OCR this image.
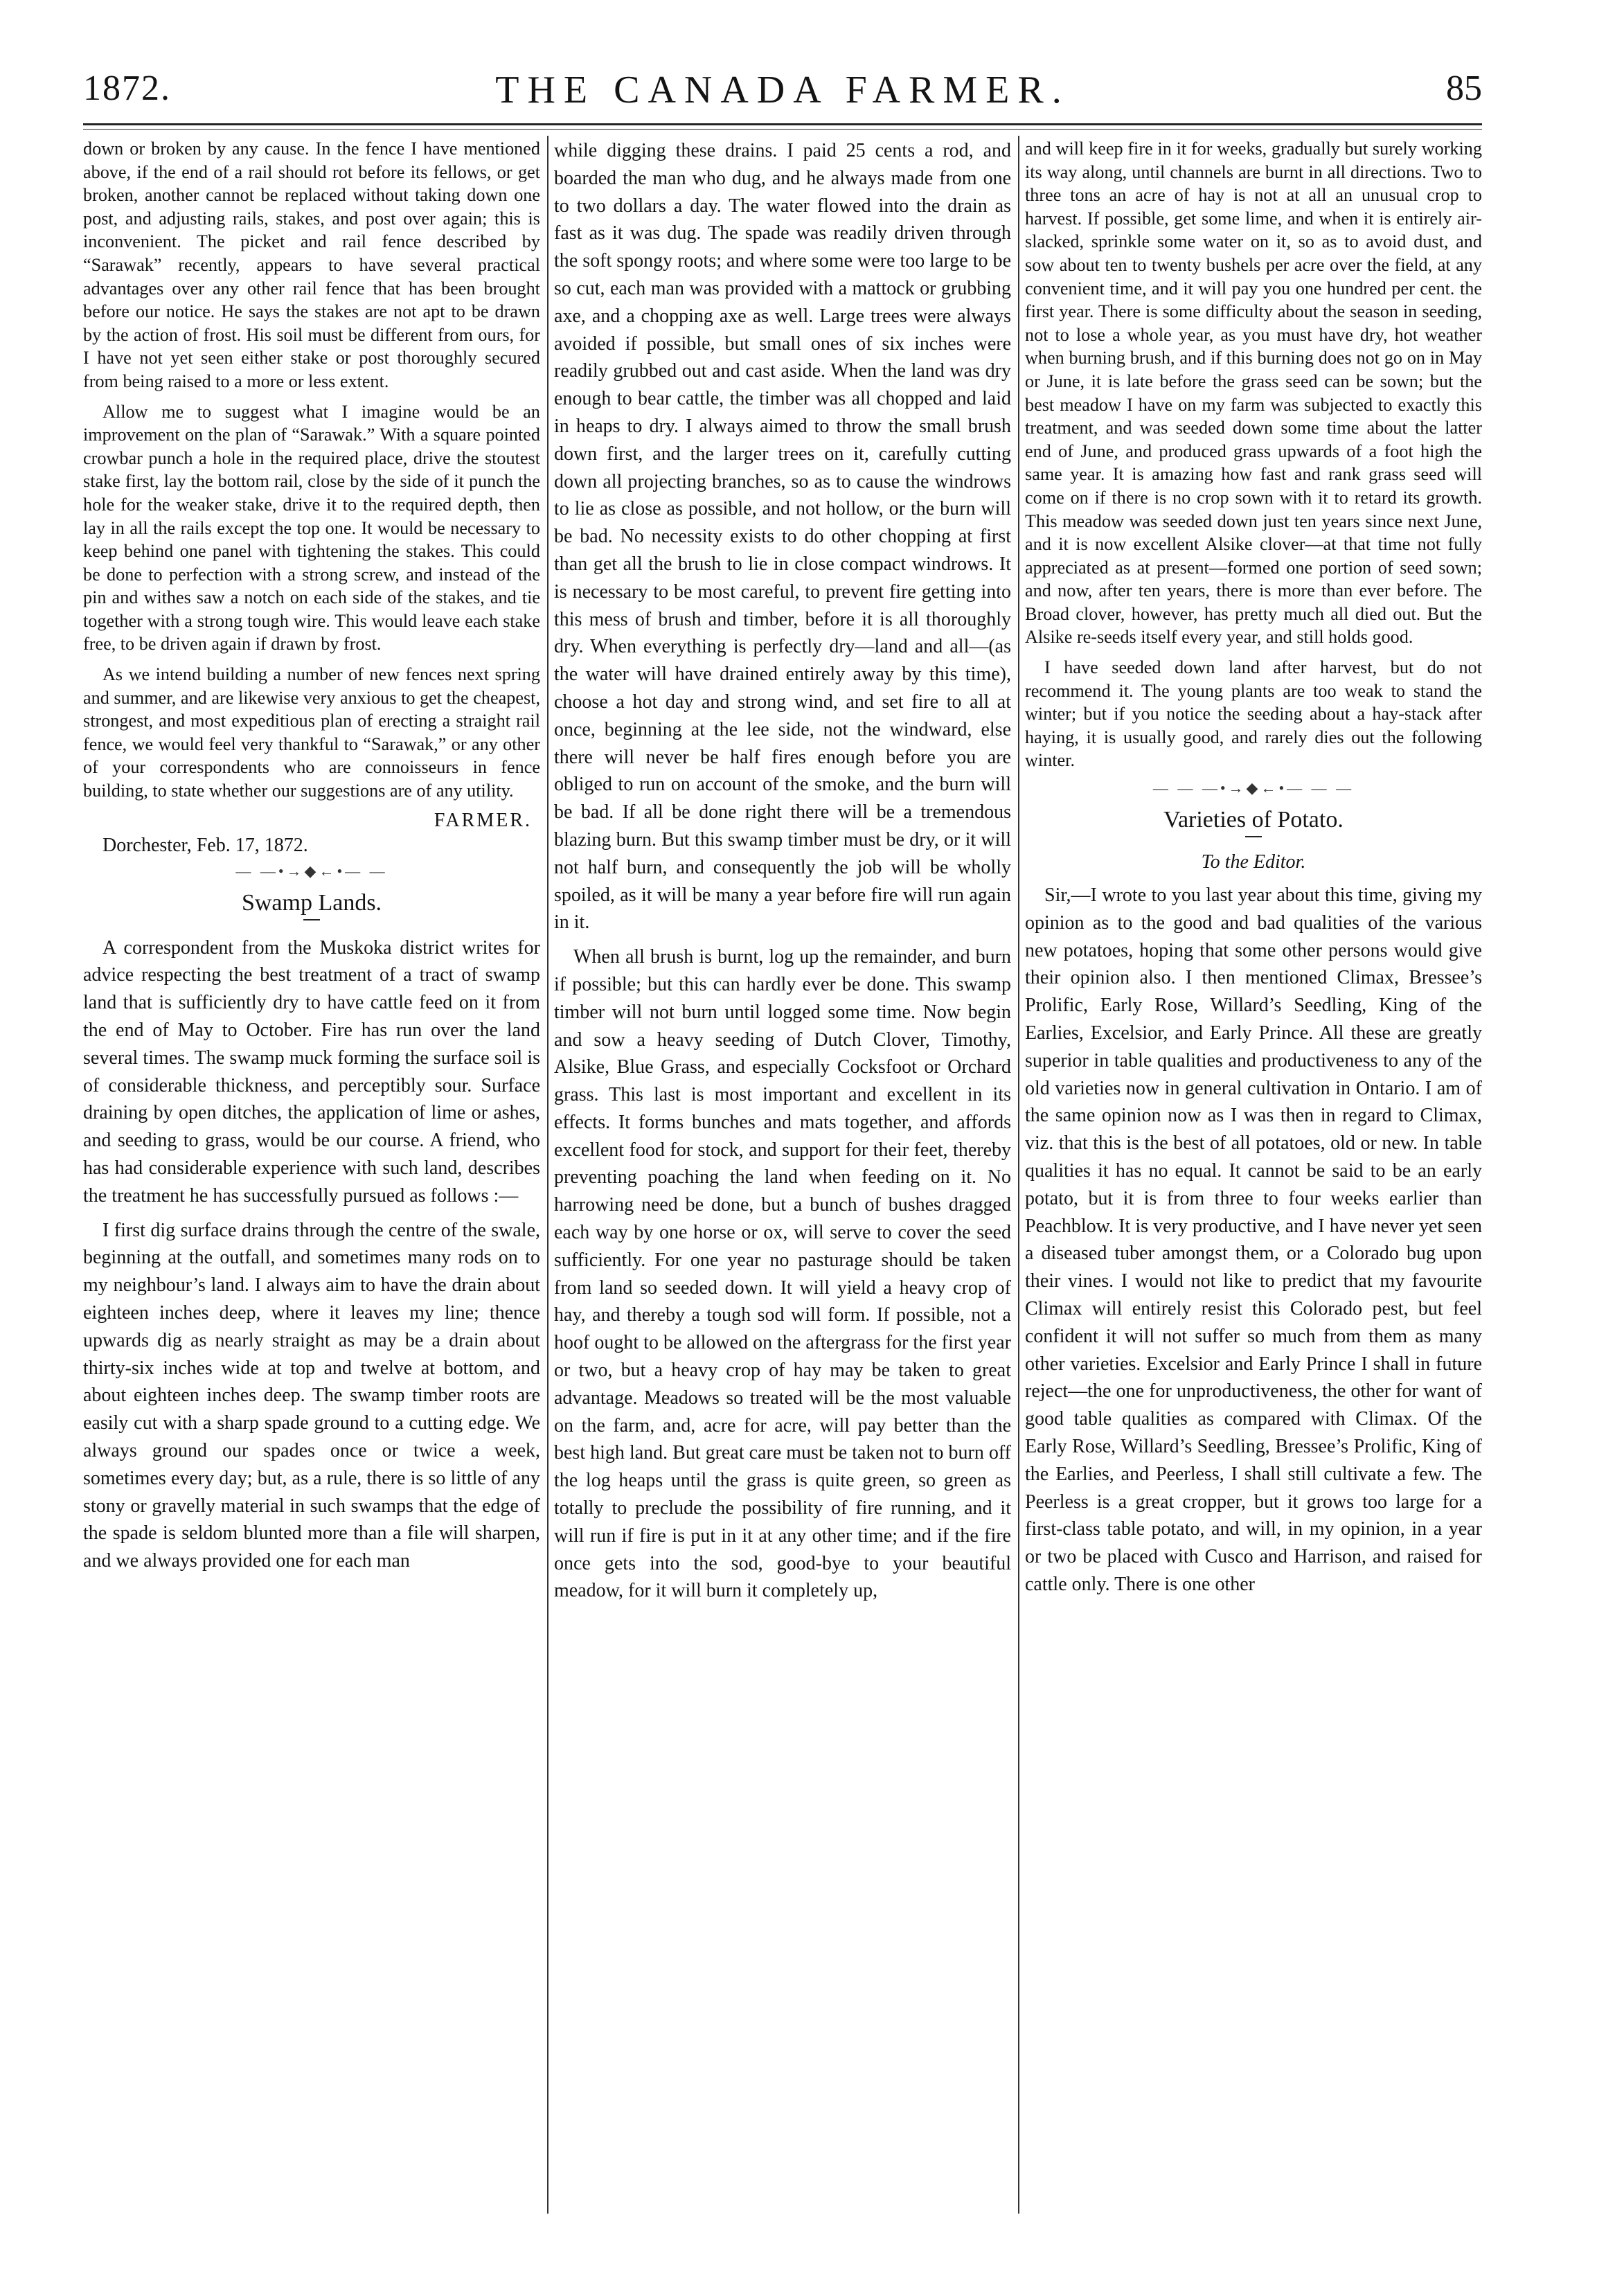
1872.	THE CANADA FARMER.	85

down or broken by any cause. In the fence I have mentioned above, if the end of a rail should rot before its fellows, or get broken, another cannot be replaced without taking down one post, and adjusting rails, stakes, and post over again; this is inconvenient. The picket and rail fence described by “Sarawak” recently, appears to have several practical advantages over any other rail fence that has been brought before our notice. He says the stakes are not apt to be drawn by the action of frost. His soil must be different from ours, for I have not yet seen either stake or post thoroughly secured from being raised to a more or less extent.

Allow me to suggest what I imagine would be an improvement on the plan of “Sarawak.” With a square pointed crowbar punch a hole in the required place, drive the stoutest stake first, lay the bottom rail, close by the side of it punch the hole for the weaker stake, drive it to the required depth, then lay in all the rails except the top one. It would be necessary to keep behind one panel with tightening the stakes. This could be done to perfection with a strong screw, and instead of the pin and withes saw a notch on each side of the stakes, and tie together with a strong tough wire. This would leave each stake free, to be driven again if drawn by frost.

As we intend building a number of new fences next spring and summer, and are likewise very anxious to get the cheapest, strongest, and most expeditious plan of erecting a straight rail fence, we would feel very thankful to “Sarawak,” or any other of your correspondents who are connoisseurs in fence building, to state whether our suggestions are of any utility.

FARMER.
Dorchester, Feb. 17, 1872.
— —•→◆←•— —
Swamp Lands.

A correspondent from the Muskoka district writes for advice respecting the best treatment of a tract of swamp land that is sufficiently dry to have cattle feed on it from the end of May to October. Fire has run over the land several times. The swamp muck forming the surface soil is of considerable thickness, and perceptibly sour. Surface draining by open ditches, the application of lime or ashes, and seeding to grass, would be our course. A friend, who has had considerable experience with such land, describes the treatment he has successfully pursued as follows :—

I first dig surface drains through the centre of the swale, beginning at the outfall, and sometimes many rods on to my neighbour’s land. I always aim to have the drain about eighteen inches deep, where it leaves my line; thence upwards dig as nearly straight as may be a drain about thirty-six inches wide at top and twelve at bottom, and about eighteen inches deep. The swamp timber roots are easily cut with a sharp spade ground to a cutting edge. We always ground our spades once or twice a week, sometimes every day; but, as a rule, there is so little of any stony or gravelly material in such swamps that the edge of the spade is seldom blunted more than a file will sharpen, and we always provided one for each man

while digging these drains. I paid 25 cents a rod, and boarded the man who dug, and he always made from one to two dollars a day. The water flowed into the drain as fast as it was dug. The spade was readily driven through the soft spongy roots; and where some were too large to be so cut, each man was provided with a mattock or grubbing axe, and a chopping axe as well. Large trees were always avoided if possible, but small ones of six inches were readily grubbed out and cast aside. When the land was dry enough to bear cattle, the timber was all chopped and laid in heaps to dry. I always aimed to throw the small brush down first, and the larger trees on it, carefully cutting down all projecting branches, so as to cause the windrows to lie as close as possible, and not hollow, or the burn will be bad. No necessity exists to do other chopping at first than get all the brush to lie in close compact windrows. It is necessary to be most careful, to prevent fire getting into this mess of brush and timber, before it is all thoroughly dry. When everything is perfectly dry—land and all—(as the water will have drained entirely away by this time), choose a hot day and strong wind, and set fire to all at once, beginning at the lee side, not the windward, else there will never be half fires enough before you are obliged to run on account of the smoke, and the burn will be bad. If all be done right there will be a tremendous blazing burn. But this swamp timber must be dry, or it will not half burn, and consequently the job will be wholly spoiled, as it will be many a year before fire will run again in it.

When all brush is burnt, log up the remainder, and burn if possible; but this can hardly ever be done. This swamp timber will not burn until logged some time. Now begin and sow a heavy seeding of Dutch Clover, Timothy, Alsike, Blue Grass, and especially Cocksfoot or Orchard grass. This last is most important and excellent in its effects. It forms bunches and mats together, and affords excellent food for stock, and support for their feet, thereby preventing poaching the land when feeding on it. No harrowing need be done, but a bunch of bushes dragged each way by one horse or ox, will serve to cover the seed sufficiently. For one year no pasturage should be taken from land so seeded down. It will yield a heavy crop of hay, and thereby a tough sod will form. If possible, not a hoof ought to be allowed on the aftergrass for the first year or two, but a heavy crop of hay may be taken to great advantage. Meadows so treated will be the most valuable on the farm, and, acre for acre, will pay better than the best high land. But great care must be taken not to burn off the log heaps until the grass is quite green, so green as totally to preclude the possibility of fire running, and it will run if fire is put in it at any other time; and if the fire once gets into the sod, good-bye to your beautiful meadow, for it will burn it completely up,

and will keep fire in it for weeks, gradually but surely working its way along, until channels are burnt in all directions. Two to three tons an acre of hay is not at all an unusual crop to harvest. If possible, get some lime, and when it is entirely air-slacked, sprinkle some water on it, so as to avoid dust, and sow about ten to twenty bushels per acre over the field, at any convenient time, and it will pay you one hundred per cent. the first year. There is some difficulty about the season in seeding, not to lose a whole year, as you must have dry, hot weather when burning brush, and if this burning does not go on in May or June, it is late before the grass seed can be sown; but the best meadow I have on my farm was subjected to exactly this treatment, and was seeded down some time about the latter end of June, and produced grass upwards of a foot high the same year. It is amazing how fast and rank grass seed will come on if there is no crop sown with it to retard its growth. This meadow was seeded down just ten years since next June, and it is now excellent Alsike clover—at that time not fully appreciated as at present—formed one portion of seed sown; and now, after ten years, there is more than ever before. The Broad clover, however, has pretty much all died out. But the Alsike re-seeds itself every year, and still holds good.

I have seeded down land after harvest, but do not recommend it. The young plants are too weak to stand the winter; but if you notice the seeding about a hay-stack after haying, it is usually good, and rarely dies out the following winter.

— — —•→◆←•— — —
Varieties of Potato.
To the Editor.

Sir,—I wrote to you last year about this time, giving my opinion as to the good and bad qualities of the various new potatoes, hoping that some other persons would give their opinion also. I then mentioned Climax, Bressee’s Prolific, Early Rose, Willard’s Seedling, King of the Earlies, Excelsior, and Early Prince. All these are greatly superior in table qualities and productiveness to any of the old varieties now in general cultivation in Ontario. I am of the same opinion now as I was then in regard to Climax, viz. that this is the best of all potatoes, old or new. In table qualities it has no equal. It cannot be said to be an early potato, but it is from three to four weeks earlier than Peachblow. It is very productive, and I have never yet seen a diseased tuber amongst them, or a Colorado bug upon their vines. I would not like to predict that my favourite Climax will entirely resist this Colorado pest, but feel confident it will not suffer so much from them as many other varieties. Excelsior and Early Prince I shall in future reject—the one for unproductiveness, the other for want of good table qualities as compared with Climax. Of the Early Rose, Willard’s Seedling, Bressee’s Prolific, King of the Earlies, and Peerless, I shall still cultivate a few. The Peerless is a great cropper, but it grows too large for a first-class table potato, and will, in my opinion, in a year or two be placed with Cusco and Harrison, and raised for cattle only. There is one other
